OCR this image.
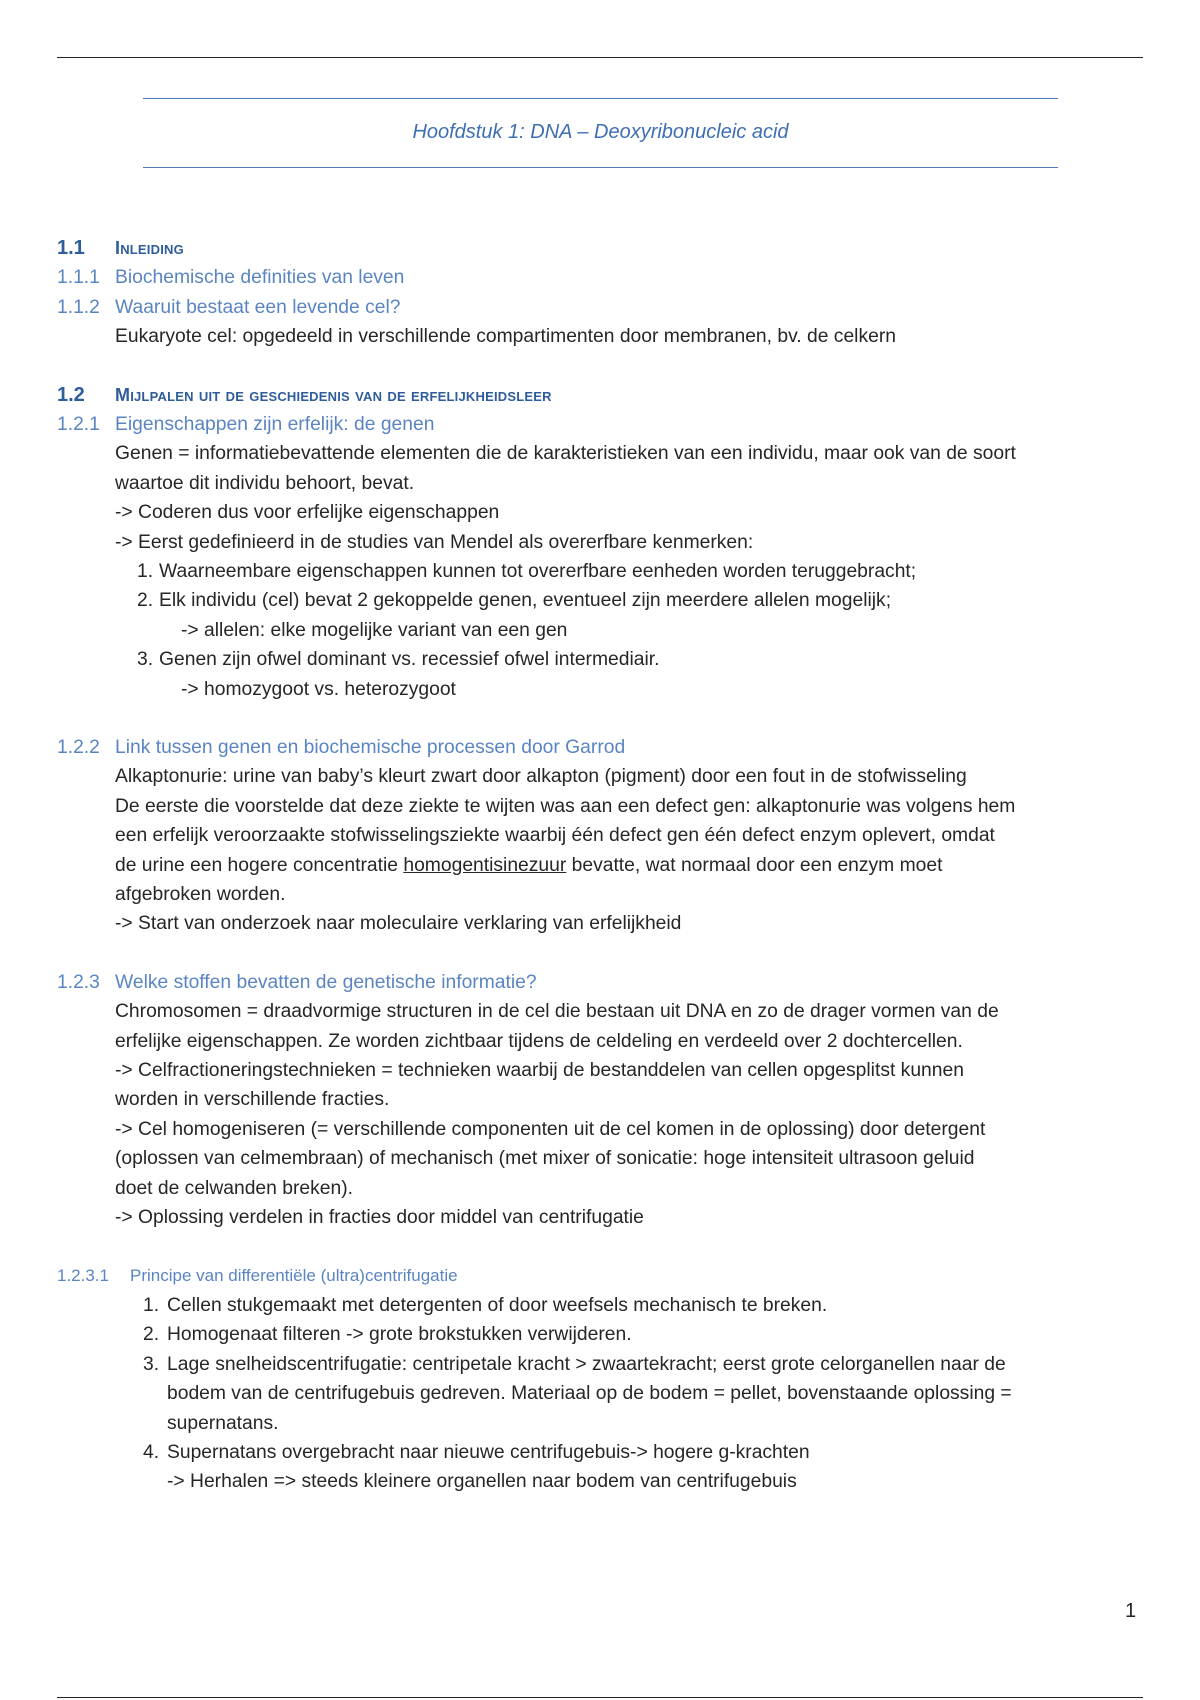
Hoofdstuk 1: DNA – Deoxyribonucleic acid
1.1 Inleiding
1.1.1 Biochemische definities van leven
1.1.2 Waaruit bestaat een levende cel?
Eukaryote cel: opgedeeld in verschillende compartimenten door membranen, bv. de celkern
1.2 Mijlpalen uit de geschiedenis van de erfelijkheidsleer
1.2.1 Eigenschappen zijn erfelijk: de genen
Genen = informatiebevattende elementen die de karakteristieken van een individu, maar ook van de soort
waartoe dit individu behoort, bevat.
-> Coderen dus voor erfelijke eigenschappen
-> Eerst gedefinieerd in de studies van Mendel als overerfbare kenmerken:
1. Waarneembare eigenschappen kunnen tot overerfbare eenheden worden teruggebracht;
2. Elk individu (cel) bevat 2 gekoppelde genen, eventueel zijn meerdere allelen mogelijk;
-> allelen: elke mogelijke variant van een gen
3. Genen zijn ofwel dominant vs. recessief ofwel intermediair.
-> homozygoot vs. heterozygoot
1.2.2 Link tussen genen en biochemische processen door Garrod
Alkaptonurie: urine van baby’s kleurt zwart door alkapton (pigment) door een fout in de stofwisseling
De eerste die voorstelde dat deze ziekte te wijten was aan een defect gen: alkaptonurie was volgens hem
een erfelijk veroorzaakte stofwisselingsziekte waarbij één defect gen één defect enzym oplevert, omdat
de urine een hogere concentratie homogentisinezuur bevatte, wat normaal door een enzym moet
afgebroken worden.
-> Start van onderzoek naar moleculaire verklaring van erfelijkheid
1.2.3 Welke stoffen bevatten de genetische informatie?
Chromosomen = draadvormige structuren in de cel die bestaan uit DNA en zo de drager vormen van de
erfelijke eigenschappen. Ze worden zichtbaar tijdens de celdeling en verdeeld over 2 dochtercellen.
-> Celfractioneringstechnieken = technieken waarbij de bestanddelen van cellen opgesplitst kunnen
worden in verschillende fracties.
-> Cel homogeniseren (= verschillende componenten uit de cel komen in de oplossing) door detergent
(oplossen van celmembraan) of mechanisch (met mixer of sonicatie: hoge intensiteit ultrasoon geluid
doet de celwanden breken).
-> Oplossing verdelen in fracties door middel van centrifugatie
1.2.3.1 Principe van differentiële (ultra)centrifugatie
1. Cellen stukgemaakt met detergenten of door weefsels mechanisch te breken.
2. Homogenaat filteren -> grote brokstukken verwijderen.
3. Lage snelheidscentrifugatie: centripetale kracht > zwaartekracht; eerst grote celorganellen naar de
bodem van de centrifugebuis gedreven. Materiaal op de bodem = pellet, bovenstaande oplossing =
supernatans.
4. Supernatans overgebracht naar nieuwe centrifugebuis-> hogere g-krachten
-> Herhalen => steeds kleinere organellen naar bodem van centrifugebuis
1
